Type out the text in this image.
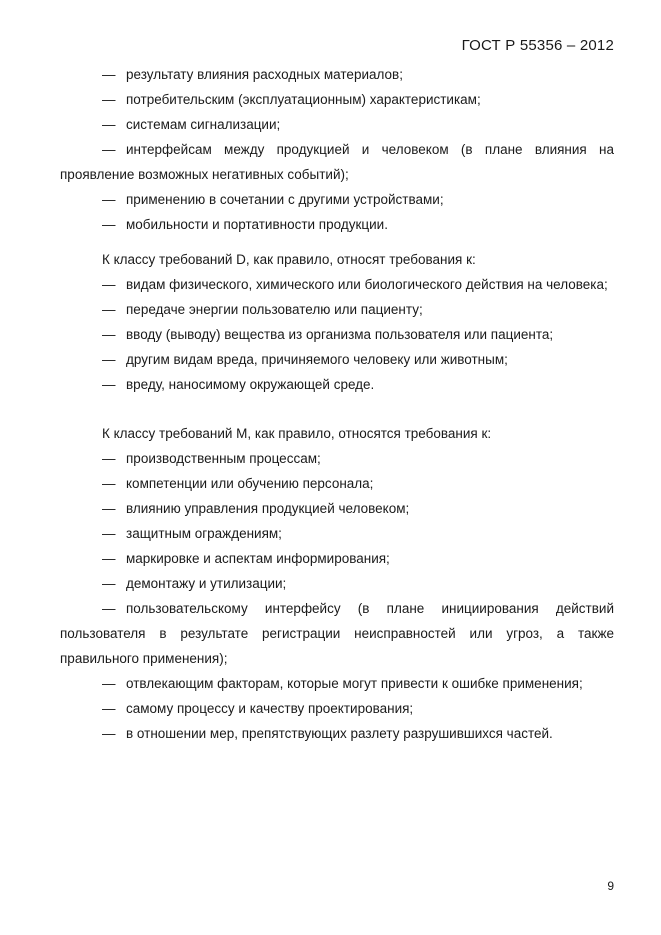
ГОСТ Р 55356 – 2012

— результату влияния расходных материалов;

— потребительским (эксплуатационным) характеристикам;

— системам сигнализации;

— интерфейсам между продукцией и человеком (в плане влияния на проявление возможных негативных событий);

— применению в сочетании с другими устройствами;

— мобильности и портативности продукции.

К классу требований D, как правило, относят требования к:

— видам физического, химического или биологического действия на человека;

— передаче энергии пользователю или пациенту;

— вводу (выводу) вещества из организма пользователя или пациента;

— другим видам вреда, причиняемого человеку или животным;

— вреду, наносимому окружающей среде.

К классу требований М, как правило, относятся требования к:

— производственным процессам;

— компетенции или обучению персонала;

— влиянию управления продукцией человеком;

— защитным ограждениям;

— маркировке и аспектам информирования;

— демонтажу и утилизации;

— пользовательскому интерфейсу (в плане инициирования действий пользователя в результате регистрации неисправностей или угроз, а также правильного применения);

— отвлекающим факторам, которые могут привести к ошибке применения;

— самому процессу и качеству проектирования;

— в отношении мер, препятствующих разлету разрушившихся частей.

9
